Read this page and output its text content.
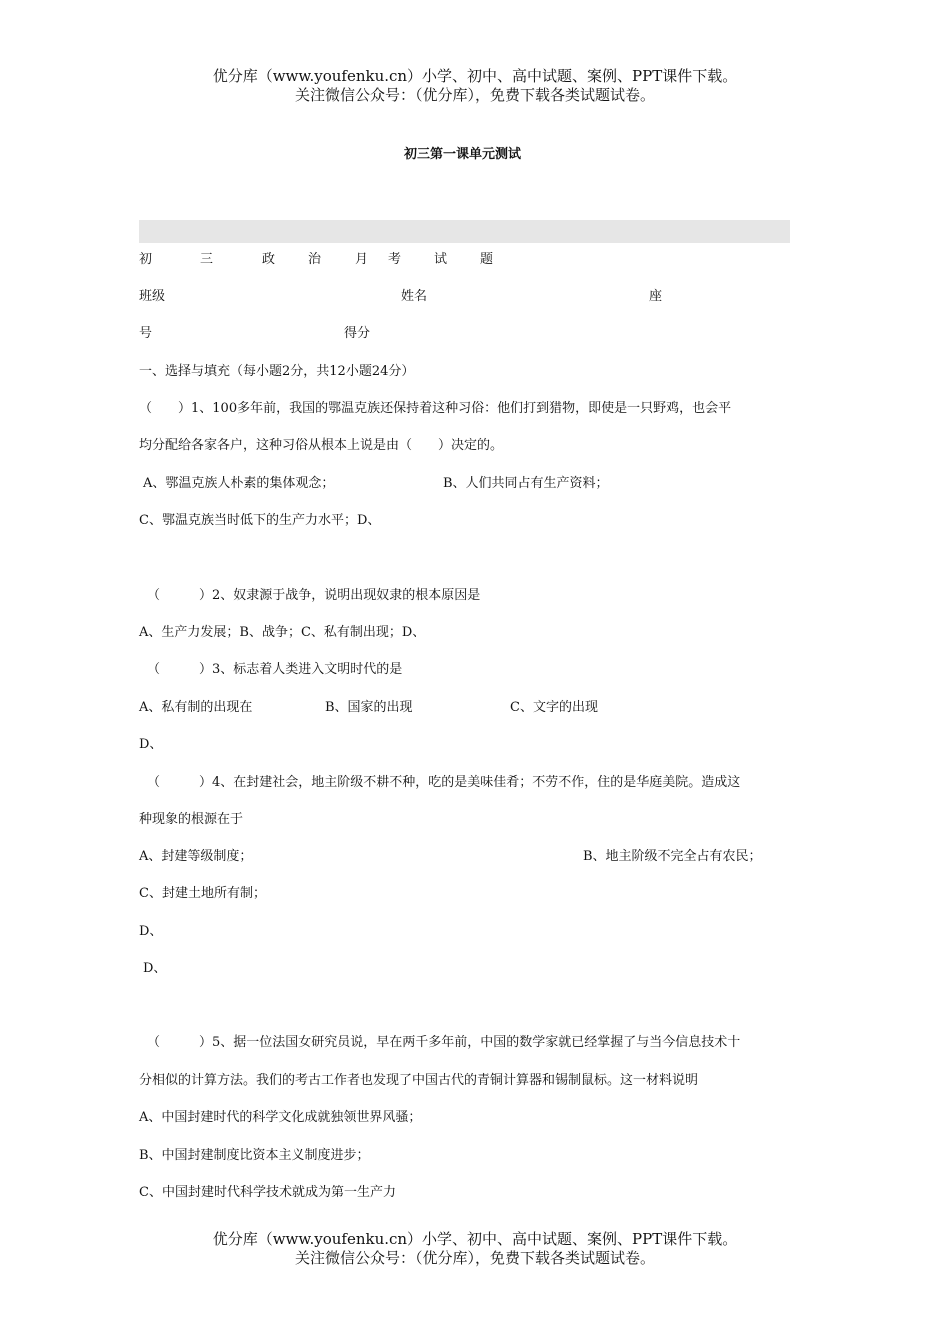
优分库（www.youfenku.cn）小学、初中、高中试题、案例、PPT课件下载。
关注微信公众号：（优分库），免费下载各类试题试卷。
初三第一课单元测试
初	三	政	治	月 考	试	题
班级	姓名	座
号	得分
一、选择与填充（每小题2分，共12小题24分）
（　　）1、100多年前，我国的鄂温克族还保持着这种习俗：他们打到猎物，即使是一只野鸡，也会平
均分配给各家各户，这种习俗从根本上说是由（　　）决定的。
A、鄂温克族人朴素的集体观念；	B、人们共同占有生产资料；
C、鄂温克族当时低下的生产力水平；D、
（　　　）2、奴隶源于战争，说明出现奴隶的根本原因是
A、生产力发展；B、战争；C、私有制出现；D、
（　　　）3、标志着人类进入文明时代的是
A、私有制的出现在	B、国家的出现	C、文字的出现
D、
（　　　）4、在封建社会，地主阶级不耕不种，吃的是美味佳肴；不劳不作，住的是华庭美院。造成这
种现象的根源在于
A、封建等级制度；	B、地主阶级不完全占有农民；
C、封建土地所有制；
D、
D、
（　　　）5、据一位法国女研究员说，早在两千多年前，中国的数学家就已经掌握了与当今信息技术十
分相似的计算方法。我们的考古工作者也发现了中国古代的青铜计算器和锡制鼠标。这一材料说明
A、中国封建时代的科学文化成就独领世界风骚；
B、中国封建制度比资本主义制度进步；
C、中国封建时代科学技术就成为第一生产力
优分库（www.youfenku.cn）小学、初中、高中试题、案例、PPT课件下载。
关注微信公众号：（优分库），免费下载各类试题试卷。
